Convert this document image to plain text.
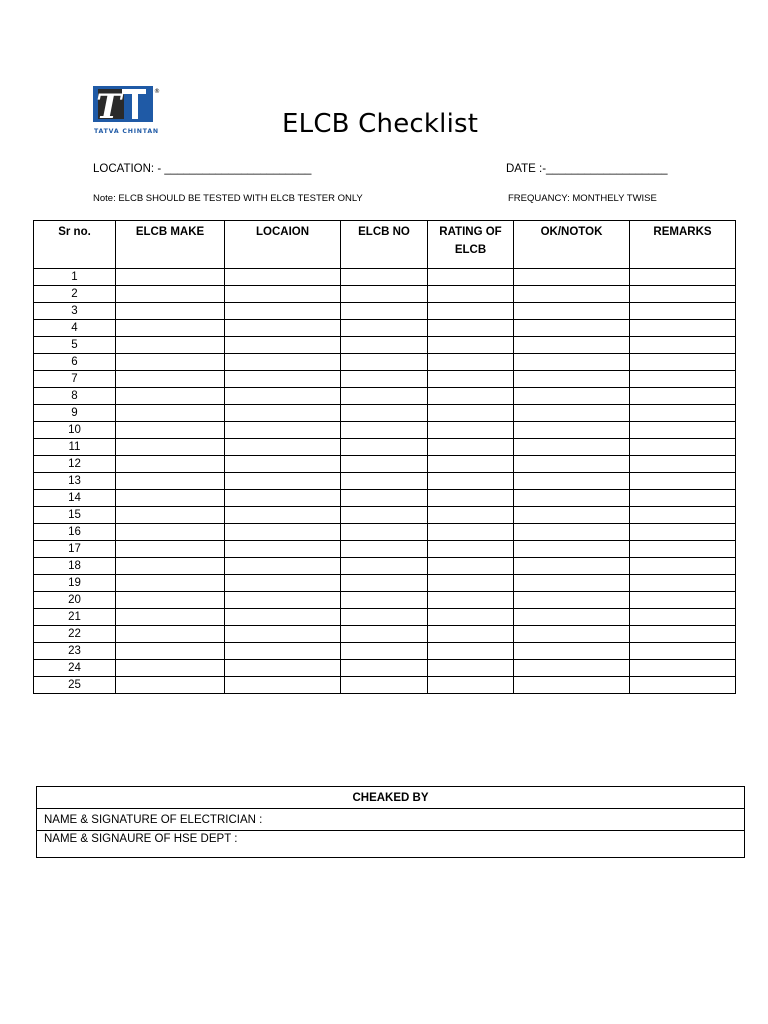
T	®
TATVA CHINTAN	ELCB Checklist
LOCATION: - _______________________	DATE :-___________________
Note: ELCB SHOULD BE TESTED WITH ELCB TESTER ONLY	FREQUANCY: MONTHELY TWISE
Sr no.	ELCB MAKE	LOCAION	ELCB NO	RATING OF ELCB	OK/NOTOK	REMARKS
1						
2						
3						
4						
5						
6						
7						
8						
9						
10						
11						
12						
13						
14						
15						
16						
17						
18						
19						
20						
21						
22						
23						
24						
25						
CHEAKED BY
NAME & SIGNATURE OF ELECTRICIAN :
NAME & SIGNAURE OF HSE DEPT :
